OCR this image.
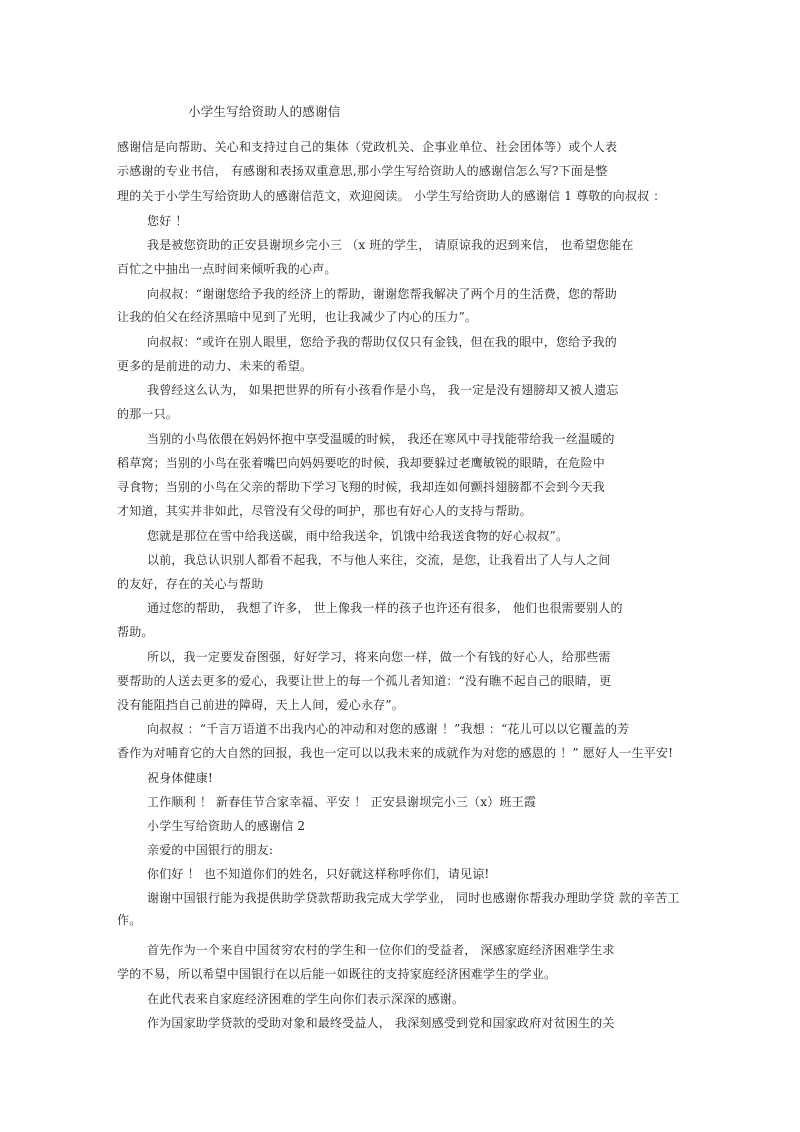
小学生写给资助人的感谢信
感谢信是向帮助、关心和支持过自己的集体（党政机关、企事业单位、社会团体等）或个人表
示感谢的专业书信， 有感谢和表扬双重意思,那小学生写给资助人的感谢信怎么写?下面是整
理的关于小学生写给资助人的感谢信范文，欢迎阅读。 小学生写给资助人的感谢信 1 尊敬的向叔叔 ：
您好 ！
我是被您资助的正安县谢坝乡完小三 （x 班的学生， 请原谅我的迟到来信， 也希望您能在
百忙之中抽出一点时间来倾听我的心声。
向叔叔：“谢谢您给予我的经济上的帮助，谢谢您帮我解决了两个月的生活费，您的帮助
让我的伯父在经济黑暗中见到了光明，也让我减少了内心的压力”。
向叔叔：“或许在别人眼里，您给予我的帮助仅仅只有金钱，但在我的眼中，您给予我的
更多的是前进的动力、未来的希望。
我曾经这么认为， 如果把世界的所有小孩看作是小鸟， 我一定是没有翅膀却又被人遗忘
的那一只。
当别的小鸟依偎在妈妈怀抱中享受温暖的时候， 我还在寒风中寻找能带给我一丝温暖的
稻草窝；当别的小鸟在张着嘴巴向妈妈要吃的时候，我却要躲过老鹰敏锐的眼睛，在危险中
寻食物；当别的小鸟在父亲的帮助下学习飞翔的时候，我却连如何颤抖翅膀都不会到今天我
才知道，其实并非如此，尽管没有父母的呵护，那也有好心人的支持与帮助。
您就是那位在雪中给我送碳，雨中给我送伞，饥饿中给我送食物的好心叔叔”。
以前，我总认识别人都看不起我，不与他人来往，交流，是您，让我看出了人与人之间
的友好，存在的关心与帮助
通过您的帮助， 我想了许多， 世上像我一样的孩子也许还有很多， 他们也很需要别人的
帮助。
所以，我一定要发奋图强，好好学习，将来向您一样，做一个有钱的好心人，给那些需
要帮助的人送去更多的爱心，我要让世上的每一个孤儿者知道：“没有瞧不起自己的眼睛，更
没有能阻挡自己前进的障碍，天上人间，爱心永存”。
向叔叔 ：“千言万语道不出我内心的冲动和对您的感谢 ！”我想 ：“花儿可以以它覆盖的芳
香作为对哺育它的大自然的回报，我也一定可以以我未来的成就作为对您的感恩的 ！” 愿好人一生平安!
祝身体健康!
工作顺利 ！ 新春佳节合家幸福、平安 ！ 正安县谢坝完小三（x）班王霞
小学生写给资助人的感谢信 2
亲爱的中国银行的朋友:
你们好 ！ 也不知道你们的姓名，只好就这样称呼你们，请见谅!
谢谢中国银行能为我提供助学贷款帮助我完成大学学业， 同时也感谢你帮我办理助学贷 款的辛苦工
作。
首先作为一个来自中国贫穷农村的学生和一位你们的受益者， 深感家庭经济困难学生求
学的不易，所以希望中国银行在以后能一如既往的支持家庭经济困难学生的学业。
在此代表来自家庭经济困难的学生向你们表示深深的感谢。
作为国家助学贷款的受助对象和最终受益人， 我深刻感受到党和国家政府对贫困生的关
